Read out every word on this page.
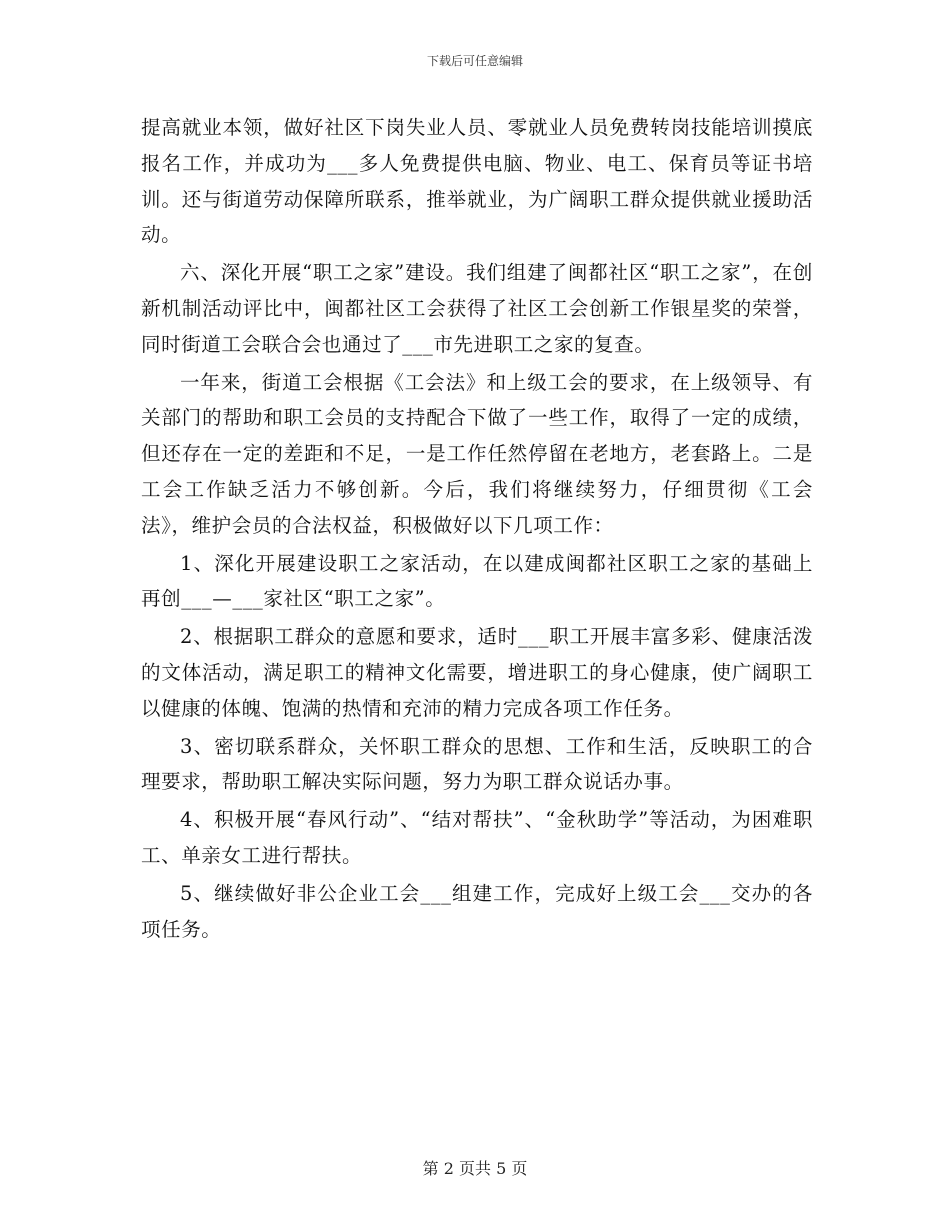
下载后可任意编辑

提高就业本领，做好社区下岗失业人员、零就业人员免费转岗技能培训摸底报名工作，并成功为___多人免费提供电脑、物业、电工、保育员等证书培训。还与街道劳动保障所联系，推举就业，为广阔职工群众提供就业援助活动。

六、深化开展“职工之家”建设。我们组建了闽都社区“职工之家”，在创新机制活动评比中，闽都社区工会获得了社区工会创新工作银星奖的荣誉，同时街道工会联合会也通过了___市先进职工之家的复查。

一年来，街道工会根据《工会法》和上级工会的要求，在上级领导、有关部门的帮助和职工会员的支持配合下做了一些工作，取得了一定的成绩，但还存在一定的差距和不足，一是工作任然停留在老地方，老套路上。二是工会工作缺乏活力不够创新。今后，我们将继续努力，仔细贯彻《工会法》，维护会员的合法权益，积极做好以下几项工作：

1、深化开展建设职工之家活动，在以建成闽都社区职工之家的基础上再创___—___家社区“职工之家”。

2、根据职工群众的意愿和要求，适时___职工开展丰富多彩、健康活泼的文体活动，满足职工的精神文化需要，增进职工的身心健康，使广阔职工以健康的体魄、饱满的热情和充沛的精力完成各项工作任务。

3、密切联系群众，关怀职工群众的思想、工作和生活，反映职工的合理要求，帮助职工解决实际问题，努力为职工群众说话办事。

4、积极开展“春风行动”、“结对帮扶”、“金秋助学”等活动，为困难职工、单亲女工进行帮扶。

5、继续做好非公企业工会___组建工作，完成好上级工会___交办的各项任务。

第 2 页共 5 页
